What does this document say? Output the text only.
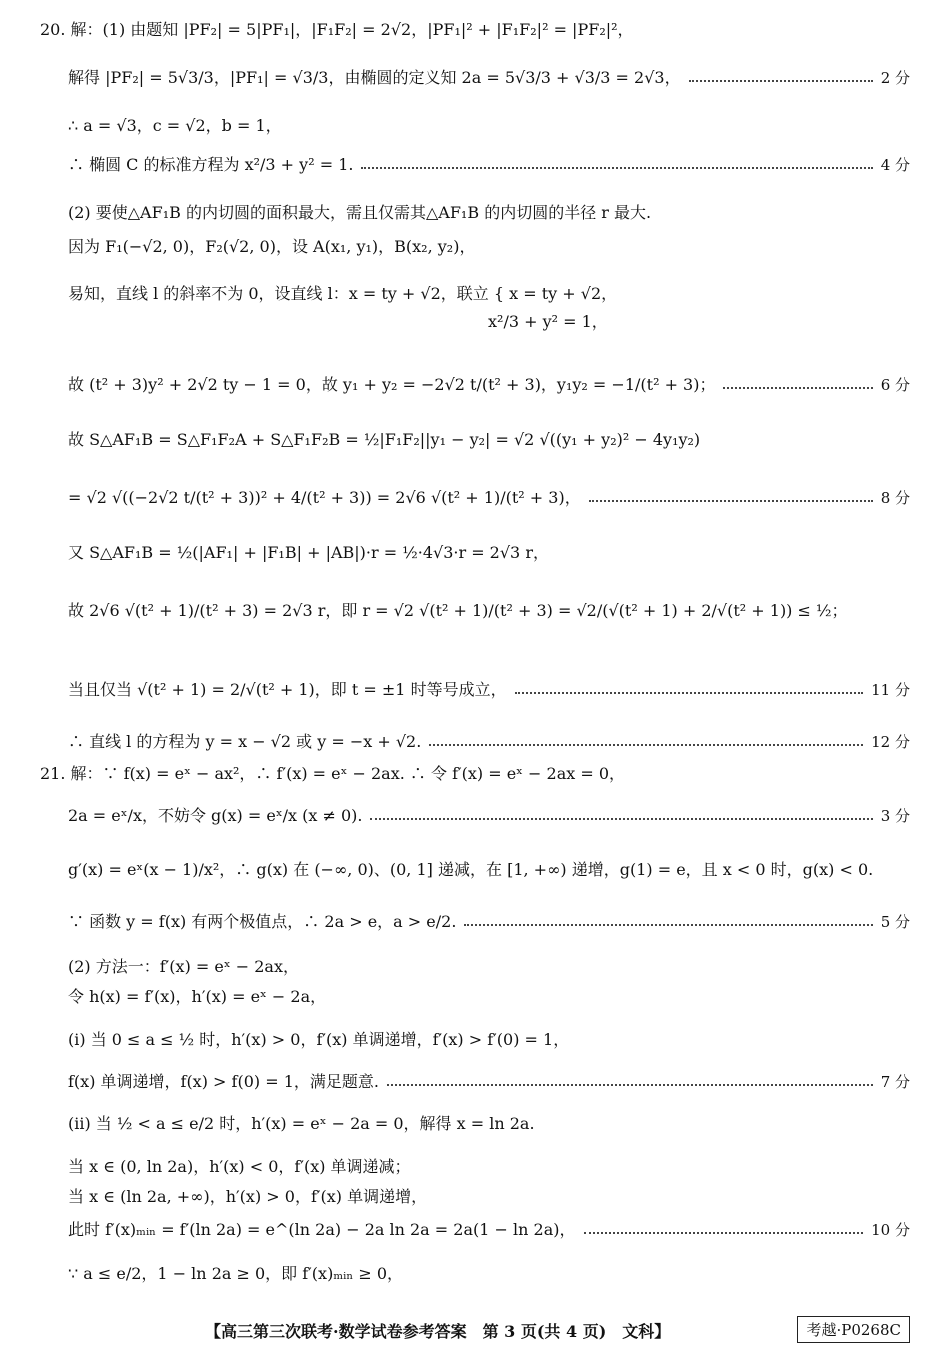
20. 解：(1) 由题知 |PF₂| = 5|PF₁|，|F₁F₂| = 2√2，|PF₁|² + |F₁F₂|² = |PF₂|²，
解得 |PF₂| = 5√3/3，|PF₁| = √3/3，由椭圆的定义知 2a = 5√3/3 + √3/3 = 2√3，	2 分
∴ a = √3，c = √2，b = 1，
∴ 椭圆 C 的标准方程为 x²/3 + y² = 1.	4 分
(2) 要使△AF₁B 的内切圆的面积最大，需且仅需其△AF₁B 的内切圆的半径 r 最大.
因为 F₁(−√2, 0)，F₂(√2, 0)，设 A(x₁, y₁)，B(x₂, y₂)，
易知，直线 l 的斜率不为 0，设直线 l：x = ty + √2，联立 { x = ty + √2，
x²/3 + y² = 1，
故 (t² + 3)y² + 2√2 ty − 1 = 0，故 y₁ + y₂ = −2√2 t/(t² + 3)，y₁y₂ = −1/(t² + 3)；	6 分
故 S△AF₁B = S△F₁F₂A + S△F₁F₂B = ½|F₁F₂||y₁ − y₂| = √2 √((y₁ + y₂)² − 4y₁y₂)
= √2 √((−2√2 t/(t² + 3))² + 4/(t² + 3)) = 2√6 √(t² + 1)/(t² + 3)，	8 分
又 S△AF₁B = ½(|AF₁| + |F₁B| + |AB|)·r = ½·4√3·r = 2√3 r，
故 2√6 √(t² + 1)/(t² + 3) = 2√3 r，即 r = √2 √(t² + 1)/(t² + 3) = √2/(√(t² + 1) + 2/√(t² + 1)) ≤ ½；
当且仅当 √(t² + 1) = 2/√(t² + 1)，即 t = ±1 时等号成立，	11 分
∴ 直线 l 的方程为 y = x − √2 或 y = −x + √2.	12 分
21. 解：∵ f(x) = eˣ − ax²，∴ f′(x) = eˣ − 2ax. ∴ 令 f′(x) = eˣ − 2ax = 0，
2a = eˣ/x，不妨令 g(x) = eˣ/x (x ≠ 0).	3 分
g′(x) = eˣ(x − 1)/x²，∴ g(x) 在 (−∞, 0)、(0, 1] 递减，在 [1, +∞) 递增，g(1) = e，且 x < 0 时，g(x) < 0.
∵ 函数 y = f(x) 有两个极值点，∴ 2a > e，a > e/2.	5 分
(2) 方法一：f′(x) = eˣ − 2ax，
令 h(x) = f′(x)，h′(x) = eˣ − 2a，
(ⅰ) 当 0 ≤ a ≤ ½ 时，h′(x) > 0，f′(x) 单调递增，f′(x) > f′(0) = 1，
f(x) 单调递增，f(x) > f(0) = 1，满足题意.	7 分
(ⅱ) 当 ½ < a ≤ e/2 时，h′(x) = eˣ − 2a = 0，解得 x = ln 2a.
当 x ∈ (0, ln 2a)，h′(x) < 0，f′(x) 单调递减；
当 x ∈ (ln 2a, +∞)，h′(x) > 0，f′(x) 单调递增，
此时 f′(x)ₘᵢₙ = f′(ln 2a) = e^(ln 2a) − 2a ln 2a = 2a(1 − ln 2a)，	10 分
∵ a ≤ e/2，1 − ln 2a ≥ 0，即 f′(x)ₘᵢₙ ≥ 0，
【高三第三次联考·数学试卷参考答案　第 3 页(共 4 页)　文科】	考越·P0268C
